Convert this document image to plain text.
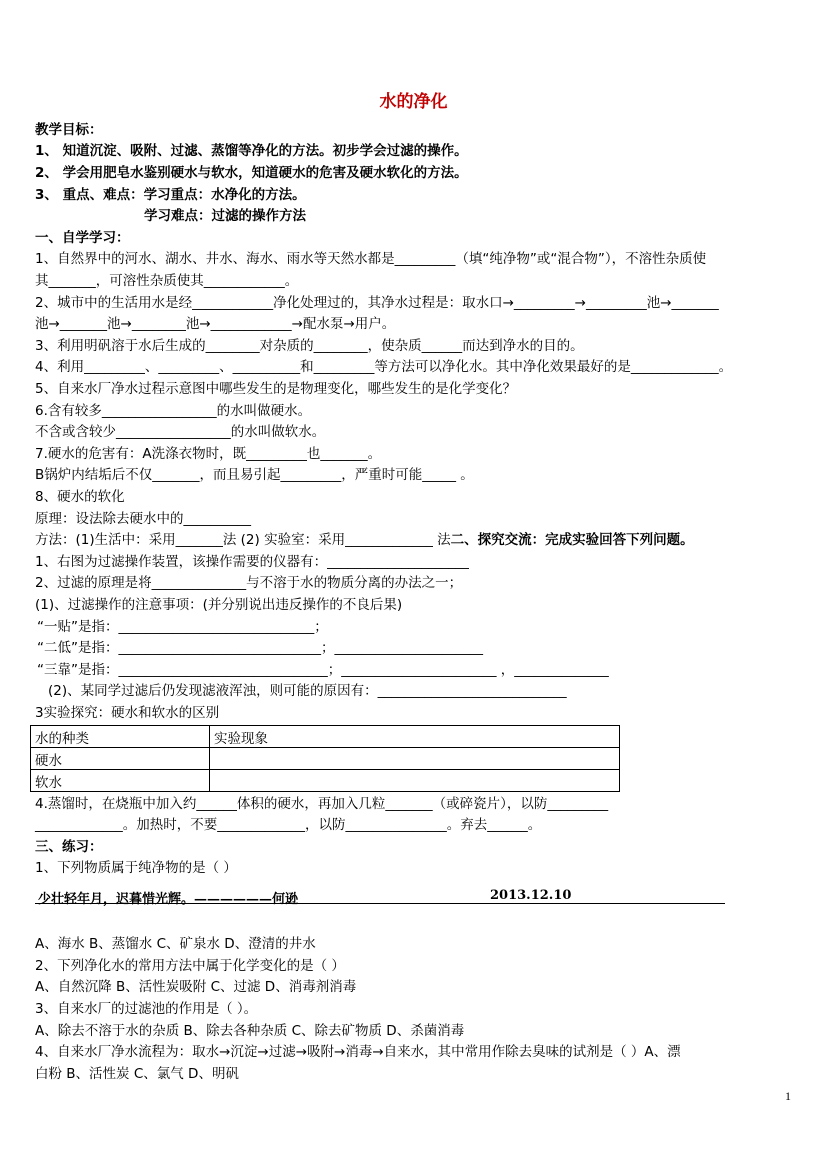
水的净化
教学目标：
1、 知道沉淀、吸附、过滤、蒸馏等净化的方法。初步学会过滤的操作。
2、 学会用肥皂水鉴别硬水与软水，知道硬水的危害及硬水软化的方法。
3、 重点、难点：学习重点：水净化的方法。
学习难点：过滤的操作方法
一、自学学习：
1、自然界中的河水、湖水、井水、海水、雨水等天然水都是_________（填“纯净物”或“混合物”），不溶性杂质使
其_______，可溶性杂质使其____________。
2、城市中的生活用水是经____________净化处理过的，其净水过程是：取水口→_________→_________池→_______
池→_______池→________池→____________→配水泵→用户。
3、利用明矾溶于水后生成的________对杂质的________，使杂质______而达到净水的目的。
4、利用_________、_________、__________和_________等方法可以净化水。其中净化效果最好的是_____________。
5、自来水厂净水过程示意图中哪些发生的是物理变化，哪些发生的是化学变化？
6.含有较多_________________的水叫做硬水。
不含或含较少_________________的水叫做软水。
7.硬水的危害有：A洗涤衣物时，既_________也_______。
B锅炉内结垢后不仅_______，而且易引起_________，严重时可能_____ 。
8、硬水的软化
原理：设法除去硬水中的__________
方法：(1)生活中：采用_______法 (2) 实验室：采用_____________ 法二、探究交流：完成实验回答下列问题。
1、右图为过滤操作装置，该操作需要的仪器有：_____________________
2、过滤的原理是将______________与不溶于水的物质分离的办法之一；
(1)、过滤操作的注意事项：(并分别说出违反操作的不良后果)
“一贴”是指：_____________________________；
“二低”是指：______________________________；______________________
“三靠”是指：_______________________________；_______________________ ，______________
(2)、某同学过滤后仍发现滤液浑浊，则可能的原因有：____________________________
3实验探究：硬水和软水的区别
水的种类	实验现象
硬水	
软水	
4.蒸馏时，在烧瓶中加入约______体积的硬水，再加入几粒_______（或碎瓷片），以防_________
_____________。加热时，不要_____________，以防_______________。弃去______。
三、练习：
1、下列物质属于纯净物的是（ ）
少壮轻年月，迟暮惜光辉。——————何逊	2013.12.10
A、海水 B、蒸馏水 C、矿泉水 D、澄清的井水
2、下列净化水的常用方法中属于化学变化的是（ ）
A、自然沉降 B、活性炭吸附 C、过滤 D、消毒剂消毒
3、自来水厂的过滤池的作用是（ ）。
A、除去不溶于水的杂质 B、除去各种杂质 C、除去矿物质 D、杀菌消毒
4、自来水厂净水流程为：取水→沉淀→过滤→吸附→消毒→自来水，其中常用作除去臭味的试剂是（ ）A、漂
白粉 B、活性炭 C、氯气 D、明矾
1
